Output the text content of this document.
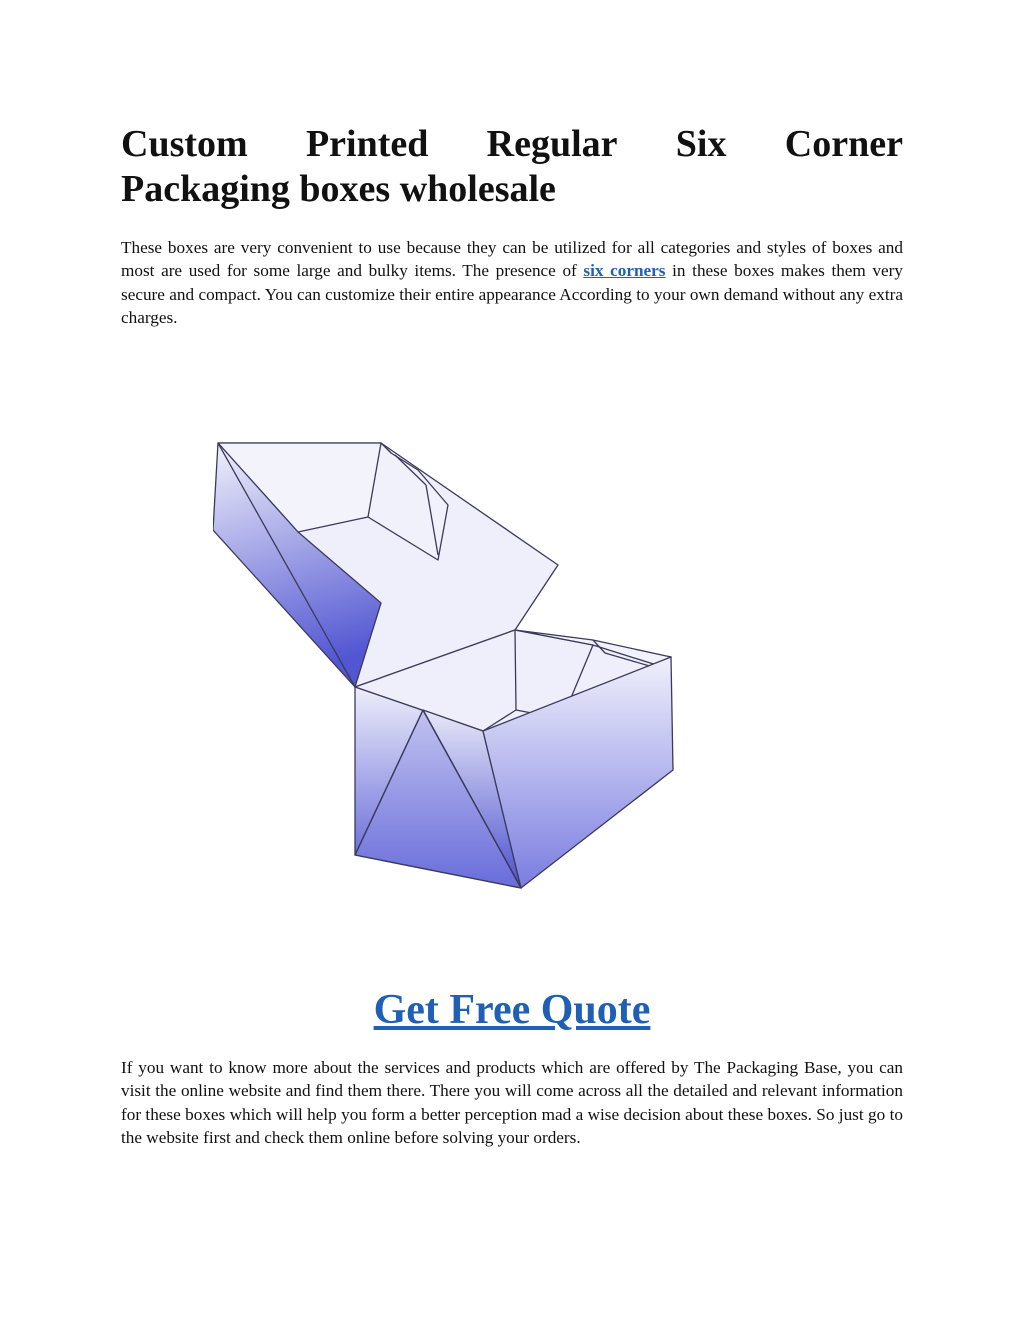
Custom Printed Regular Six Corner
Packaging boxes wholesale

These boxes are very convenient to use because they can be utilized for all categories and styles of boxes and most are used for some large and bulky items. The presence of six corners in these boxes makes them very secure and compact. You can customize their entire appearance According to your own demand without any extra charges.

Get Free Quote

If you want to know more about the services and products which are offered by The Packaging Base, you can visit the online website and find them there. There you will come across all the detailed and relevant information for these boxes which will help you form a better perception mad a wise decision about these boxes. So just go to the website first and check them online before solving your orders.
